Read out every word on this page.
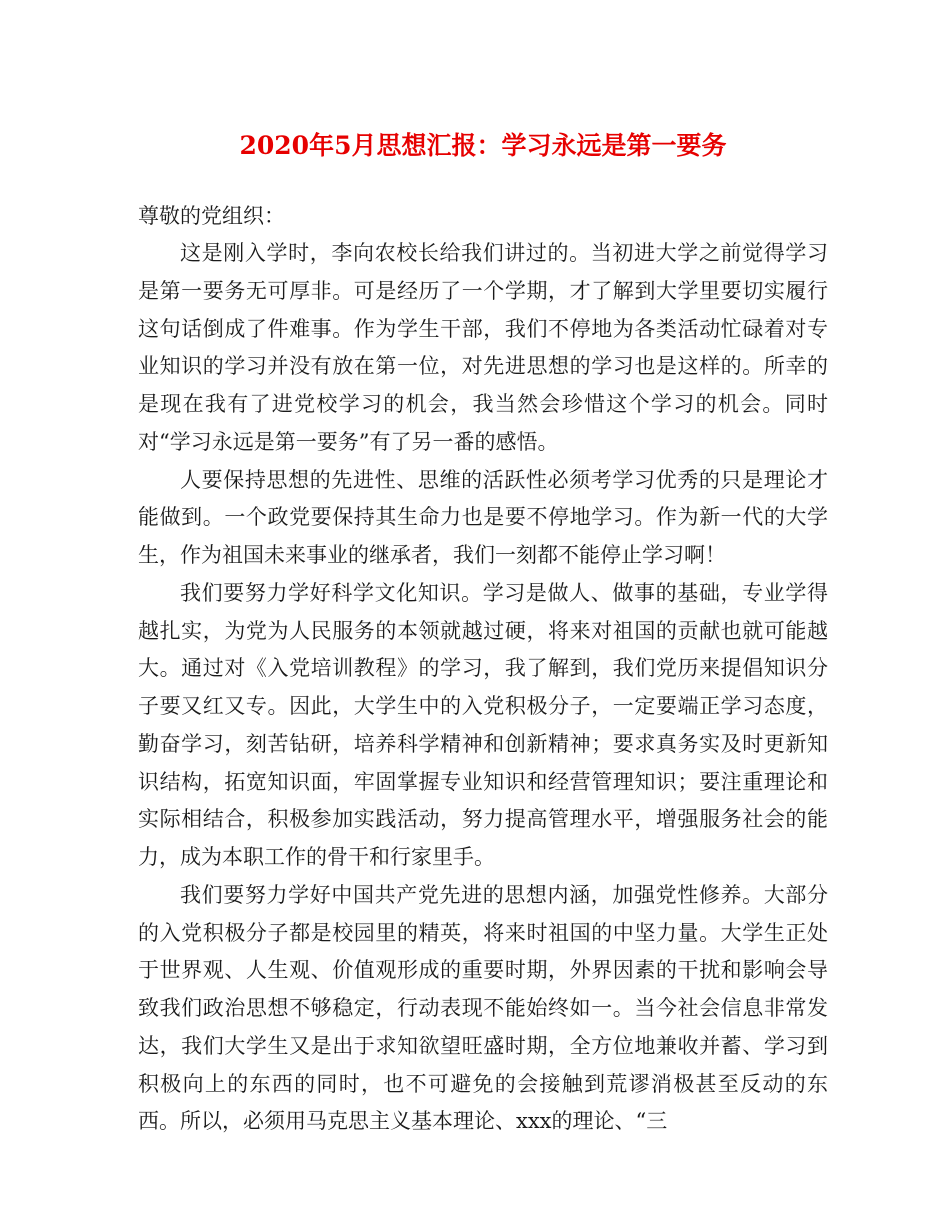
2020年5月思想汇报：学习永远是第一要务
尊敬的党组织：

这是刚入学时，李向农校长给我们讲过的。当初进大学之前觉得学习是第一要务无可厚非。可是经历了一个学期，才了解到大学里要切实履行这句话倒成了件难事。作为学生干部，我们不停地为各类活动忙碌着对专业知识的学习并没有放在第一位，对先进思想的学习也是这样的。所幸的是现在我有了进党校学习的机会，我当然会珍惜这个学习的机会。同时对“学习永远是第一要务”有了另一番的感悟。

人要保持思想的先进性、思维的活跃性必须考学习优秀的只是理论才能做到。一个政党要保持其生命力也是要不停地学习。作为新一代的大学生，作为祖国未来事业的继承者，我们一刻都不能停止学习啊！

我们要努力学好科学文化知识。学习是做人、做事的基础，专业学得越扎实，为党为人民服务的本领就越过硬，将来对祖国的贡献也就可能越大。通过对《入党培训教程》的学习，我了解到，我们党历来提倡知识分子要又红又专。因此，大学生中的入党积极分子，一定要端正学习态度，勤奋学习，刻苦钻研，培养科学精神和创新精神；要求真务实及时更新知识结构，拓宽知识面，牢固掌握专业知识和经营管理知识；要注重理论和实际相结合，积极参加实践活动，努力提高管理水平，增强服务社会的能力，成为本职工作的骨干和行家里手。

我们要努力学好中国共产党先进的思想内涵，加强党性修养。大部分的入党积极分子都是校园里的精英，将来时祖国的中坚力量。大学生正处于世界观、人生观、价值观形成的重要时期，外界因素的干扰和影响会导致我们政治思想不够稳定，行动表现不能始终如一。当今社会信息非常发达，我们大学生又是出于求知欲望旺盛时期，全方位地兼收并蓄、学习到积极向上的东西的同时，也不可避免的会接触到荒谬消极甚至反动的东西。所以，必须用马克思主义基本理论、xxx的理论、“三
